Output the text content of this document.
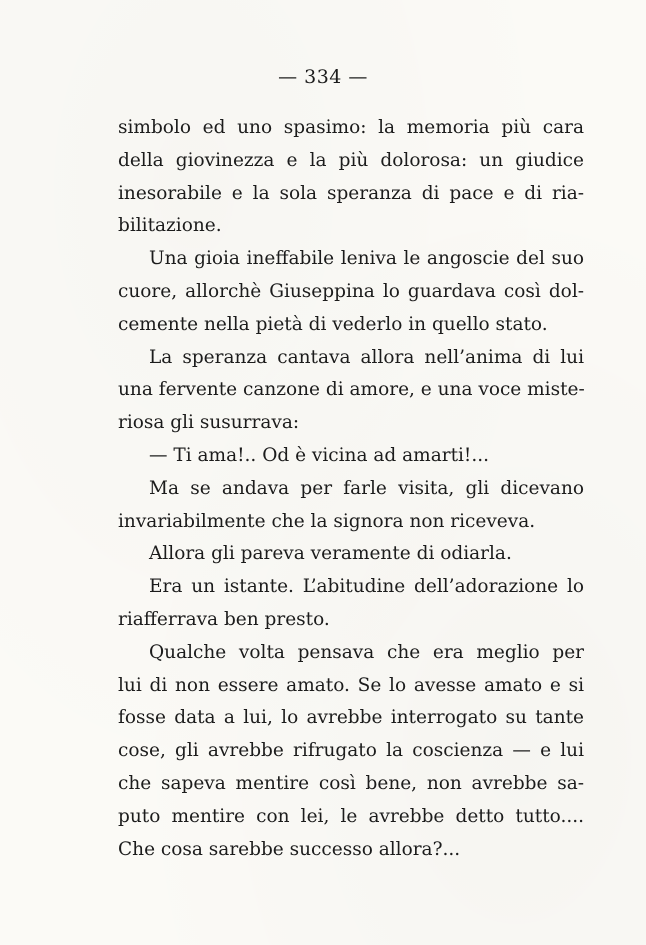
— 334 —
simbolo ed uno spasimo: la memoria più cara
della giovinezza e la più dolorosa: un giudice
inesorabile e la sola speranza di pace e di ria-
bilitazione.
Una gioia ineffabile leniva le angoscie del suo
cuore, allorchè Giuseppina lo guardava così dol-
cemente nella pietà di vederlo in quello stato.
La speranza cantava allora nell’anima di lui
una fervente canzone di amore, e una voce miste-
riosa gli susurrava:
— Ti ama!.. Od è vicina ad amarti!...
Ma se andava per farle visita, gli dicevano
invariabilmente che la signora non riceveva.
Allora gli pareva veramente di odiarla.
Era un istante. L’abitudine dell’adorazione lo
riafferrava ben presto.
Qualche volta pensava che era meglio per
lui di non essere amato. Se lo avesse amato e si
fosse data a lui, lo avrebbe interrogato su tante
cose, gli avrebbe rifrugato la coscienza — e lui
che sapeva mentire così bene, non avrebbe sa-
puto mentire con lei, le avrebbe detto tutto....
Che cosa sarebbe successo allora?...
